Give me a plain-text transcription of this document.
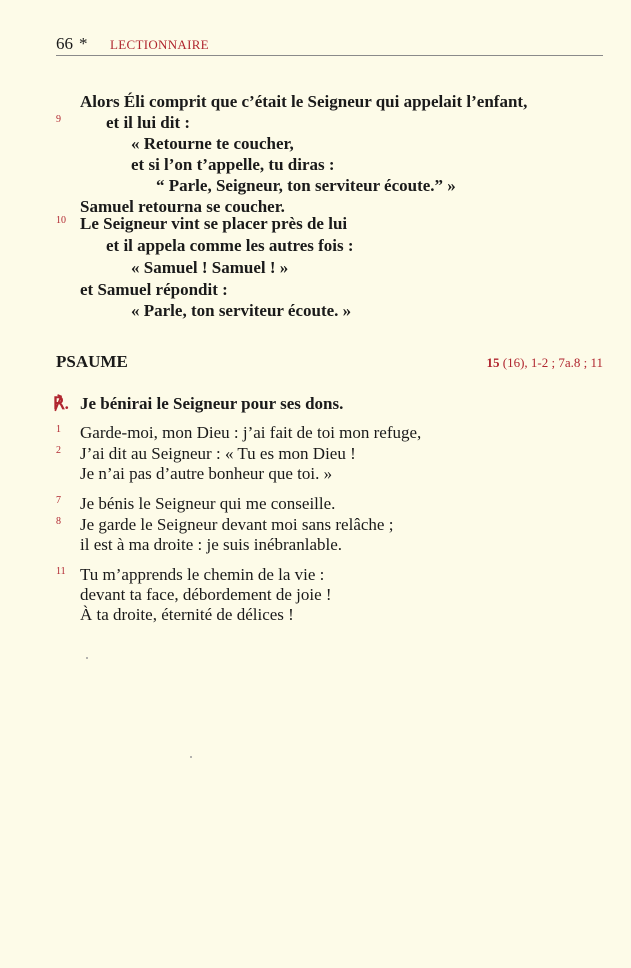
66 * LECTIONNAIRE
Alors Éli comprit que c’était le Seigneur qui appelait l’enfant,
9	et il lui dit :
« Retourne te coucher,
et si l’on t’appelle, tu diras :
“ Parle, Seigneur, ton serviteur écoute.” »
Samuel retourna se coucher.
10 Le Seigneur vint se placer près de lui
et il appela comme les autres fois :
« Samuel ! Samuel ! »
et Samuel répondit :
« Parle, ton serviteur écoute. »
PSAUME	15 (16), 1-2 ; 7a.8 ; 11
℟. Je bénirai le Seigneur pour ses dons.
1 Garde-moi, mon Dieu : j’ai fait de toi mon refuge,
2 J’ai dit au Seigneur : « Tu es mon Dieu !
Je n’ai pas d’autre bonheur que toi. »
7 Je bénis le Seigneur qui me conseille.
8 Je garde le Seigneur devant moi sans relâche ;
il est à ma droite : je suis inébranlable.
11 Tu m’apprends le chemin de la vie :
devant ta face, débordement de joie !
À ta droite, éternité de délices !
